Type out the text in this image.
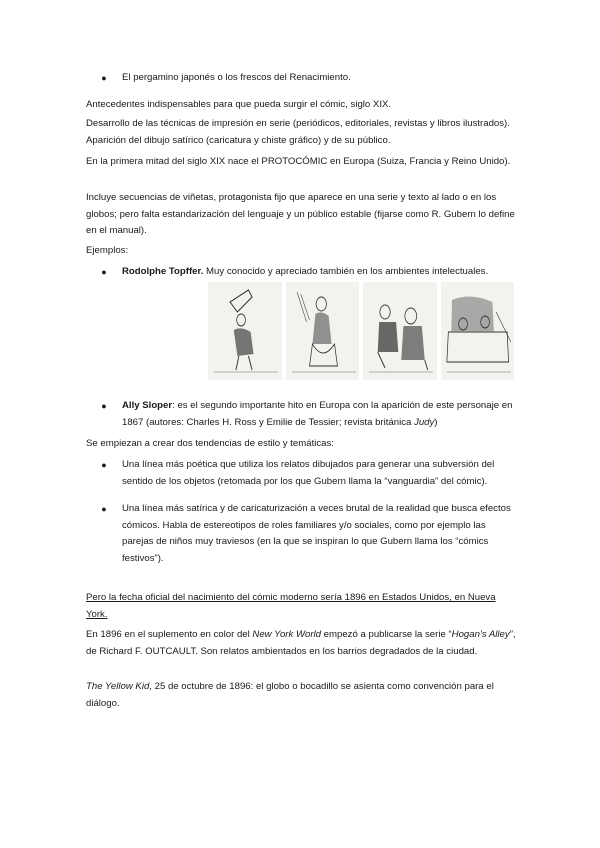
●	El pergamino japonés o los frescos del Renacimiento.

Antecedentes indispensables para que pueda surgir el cómic, siglo XIX.

Desarrollo de las técnicas de impresión en serie (periódicos, editoriales, revistas y libros ilustrados). Aparición del dibujo satírico (caricatura y chiste gráfico) y de su público.

En la primera mitad del siglo XIX nace el PROTOCÓMIC en Europa (Suiza, Francia y Reino Unido).

Incluye secuencias de viñetas, protagonista fijo que aparece en una serie y texto al lado o en los globos; pero falta estandarización del lenguaje y un público estable (fijarse como R. Gubern lo define en el manual).

Ejemplos:

●	Rodolphe Topffer. Muy conocido y apreciado también en los ambientes intelectuales.

●	Ally Sloper: es el segundo importante hito en Europa con la aparición de este personaje en 1867 (autores: Charles H. Ross y Emilie de Tessier; revista británica Judy)

Se empiezan a crear dos tendencias de estilo y temáticas:

●	Una línea más poética que utiliza los relatos dibujados para generar una subversión del sentido de los objetos (retomada por los que Gubern llama la “vanguardia” del cómic).

●	Una línea más satírica y de caricaturización a veces brutal de la realidad que busca efectos cómicos. Habla de estereotipos de roles familiares y/o sociales, como por ejemplo las parejas de niños muy traviesos (en la que se inspiran lo que Gubern llama los “cómics festivos”).

Pero la fecha oficial del nacimiento del cómic moderno sería 1896 en Estados Unidos, en Nueva York.

En 1896 en el suplemento en color del New York World empezó a publicarse la serie “Hogan's Alley”, de Richard F. OUTCAULT. Son relatos ambientados en los barrios degradados de la ciudad.

The Yellow Kid, 25 de octubre de 1896: el globo o bocadillo se asienta como convención para el diálogo.
